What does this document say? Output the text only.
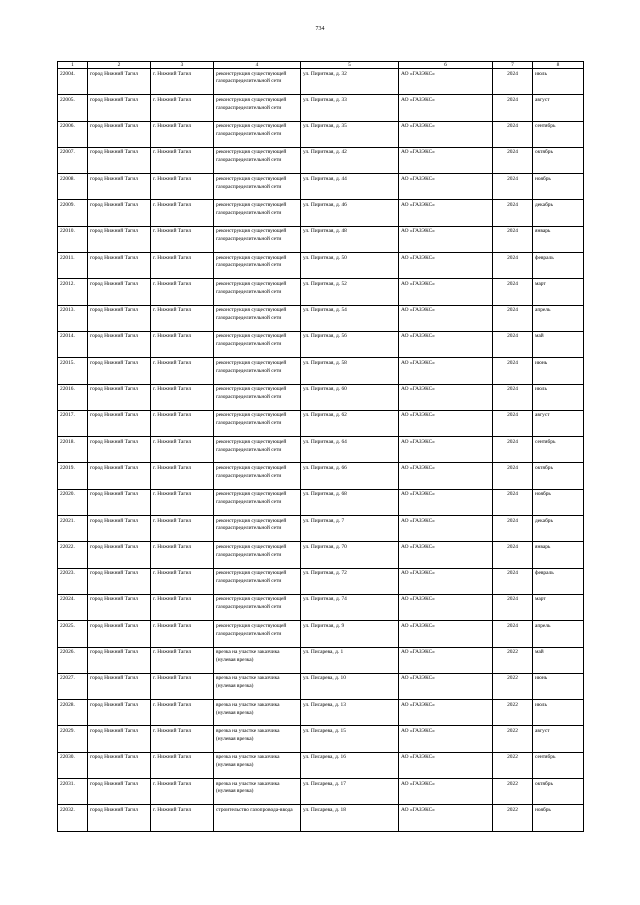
734
1	2	3	4	5	6	7	8
22004.	город Нижний Тагил	г. Нижний Тагил	реконструкция существующей газораспределительной сети	ул. Пиритная, д. 32	АО «ГАЗЭКС»	2024	июль
22005.	город Нижний Тагил	г. Нижний Тагил	реконструкция существующей газораспределительной сети	ул. Пиритная, д. 33	АО «ГАЗЭКС»	2024	август
22006.	город Нижний Тагил	г. Нижний Тагил	реконструкция существующей газораспределительной сети	ул. Пиритная, д. 35	АО «ГАЗЭКС»	2024	сентябрь
22007.	город Нижний Тагил	г. Нижний Тагил	реконструкция существующей газораспределительной сети	ул. Пиритная, д. 42	АО «ГАЗЭКС»	2024	октябрь
22008.	город Нижний Тагил	г. Нижний Тагил	реконструкция существующей газораспределительной сети	ул. Пиритная, д. 44	АО «ГАЗЭКС»	2024	ноябрь
22009.	город Нижний Тагил	г. Нижний Тагил	реконструкция существующей газораспределительной сети	ул. Пиритная, д. 46	АО «ГАЗЭКС»	2024	декабрь
22010.	город Нижний Тагил	г. Нижний Тагил	реконструкция существующей газораспределительной сети	ул. Пиритная, д. 48	АО «ГАЗЭКС»	2024	январь
22011.	город Нижний Тагил	г. Нижний Тагил	реконструкция существующей газораспределительной сети	ул. Пиритная, д. 50	АО «ГАЗЭКС»	2024	февраль
22012.	город Нижний Тагил	г. Нижний Тагил	реконструкция существующей газораспределительной сети	ул. Пиритная, д. 52	АО «ГАЗЭКС»	2024	март
22013.	город Нижний Тагил	г. Нижний Тагил	реконструкция существующей газораспределительной сети	ул. Пиритная, д. 54	АО «ГАЗЭКС»	2024	апрель
22014.	город Нижний Тагил	г. Нижний Тагил	реконструкция существующей газораспределительной сети	ул. Пиритная, д. 56	АО «ГАЗЭКС»	2024	май
22015.	город Нижний Тагил	г. Нижний Тагил	реконструкция существующей газораспределительной сети	ул. Пиритная, д. 58	АО «ГАЗЭКС»	2024	июнь
22016.	город Нижний Тагил	г. Нижний Тагил	реконструкция существующей газораспределительной сети	ул. Пиритная, д. 60	АО «ГАЗЭКС»	2024	июль
22017.	город Нижний Тагил	г. Нижний Тагил	реконструкция существующей газораспределительной сети	ул. Пиритная, д. 62	АО «ГАЗЭКС»	2024	август
22018.	город Нижний Тагил	г. Нижний Тагил	реконструкция существующей газораспределительной сети	ул. Пиритная, д. 64	АО «ГАЗЭКС»	2024	сентябрь
22019.	город Нижний Тагил	г. Нижний Тагил	реконструкция существующей газораспределительной сети	ул. Пиритная, д. 66	АО «ГАЗЭКС»	2024	октябрь
22020.	город Нижний Тагил	г. Нижний Тагил	реконструкция существующей газораспределительной сети	ул. Пиритная, д. 68	АО «ГАЗЭКС»	2024	ноябрь
22021.	город Нижний Тагил	г. Нижний Тагил	реконструкция существующей газораспределительной сети	ул. Пиритная, д. 7	АО «ГАЗЭКС»	2024	декабрь
22022.	город Нижний Тагил	г. Нижний Тагил	реконструкция существующей газораспределительной сети	ул. Пиритная, д. 70	АО «ГАЗЭКС»	2024	январь
22023.	город Нижний Тагил	г. Нижний Тагил	реконструкция существующей газораспределительной сети	ул. Пиритная, д. 72	АО «ГАЗЭКС»	2024	февраль
22024.	город Нижний Тагил	г. Нижний Тагил	реконструкция существующей газораспределительной сети	ул. Пиритная, д. 74	АО «ГАЗЭКС»	2024	март
22025.	город Нижний Тагил	г. Нижний Тагил	реконструкция существующей газораспределительной сети	ул. Пиритная, д. 9	АО «ГАЗЭКС»	2024	апрель
22026.	город Нижний Тагил	г. Нижний Тагил	врезка на участке заказчика (нулевая врезка)	ул. Писарева, д. 1	АО «ГАЗЭКС»	2022	май
22027.	город Нижний Тагил	г. Нижний Тагил	врезка на участке заказчика (нулевая врезка)	ул. Писарева, д. 10	АО «ГАЗЭКС»	2022	июнь
22028.	город Нижний Тагил	г. Нижний Тагил	врезка на участке заказчика (нулевая врезка)	ул. Писарева, д. 13	АО «ГАЗЭКС»	2022	июль
22029.	город Нижний Тагил	г. Нижний Тагил	врезка на участке заказчика (нулевая врезка)	ул. Писарева, д. 15	АО «ГАЗЭКС»	2022	август
22030.	город Нижний Тагил	г. Нижний Тагил	врезка на участке заказчика (нулевая врезка)	ул. Писарева, д. 16	АО «ГАЗЭКС»	2022	сентябрь
22031.	город Нижний Тагил	г. Нижний Тагил	врезка на участке заказчика (нулевая врезка)	ул. Писарева, д. 17	АО «ГАЗЭКС»	2022	октябрь
22032.	город Нижний Тагил	г. Нижний Тагил	строительство газопровода-ввода	ул. Писарева, д. 18	АО «ГАЗЭКС»	2022	ноябрь
